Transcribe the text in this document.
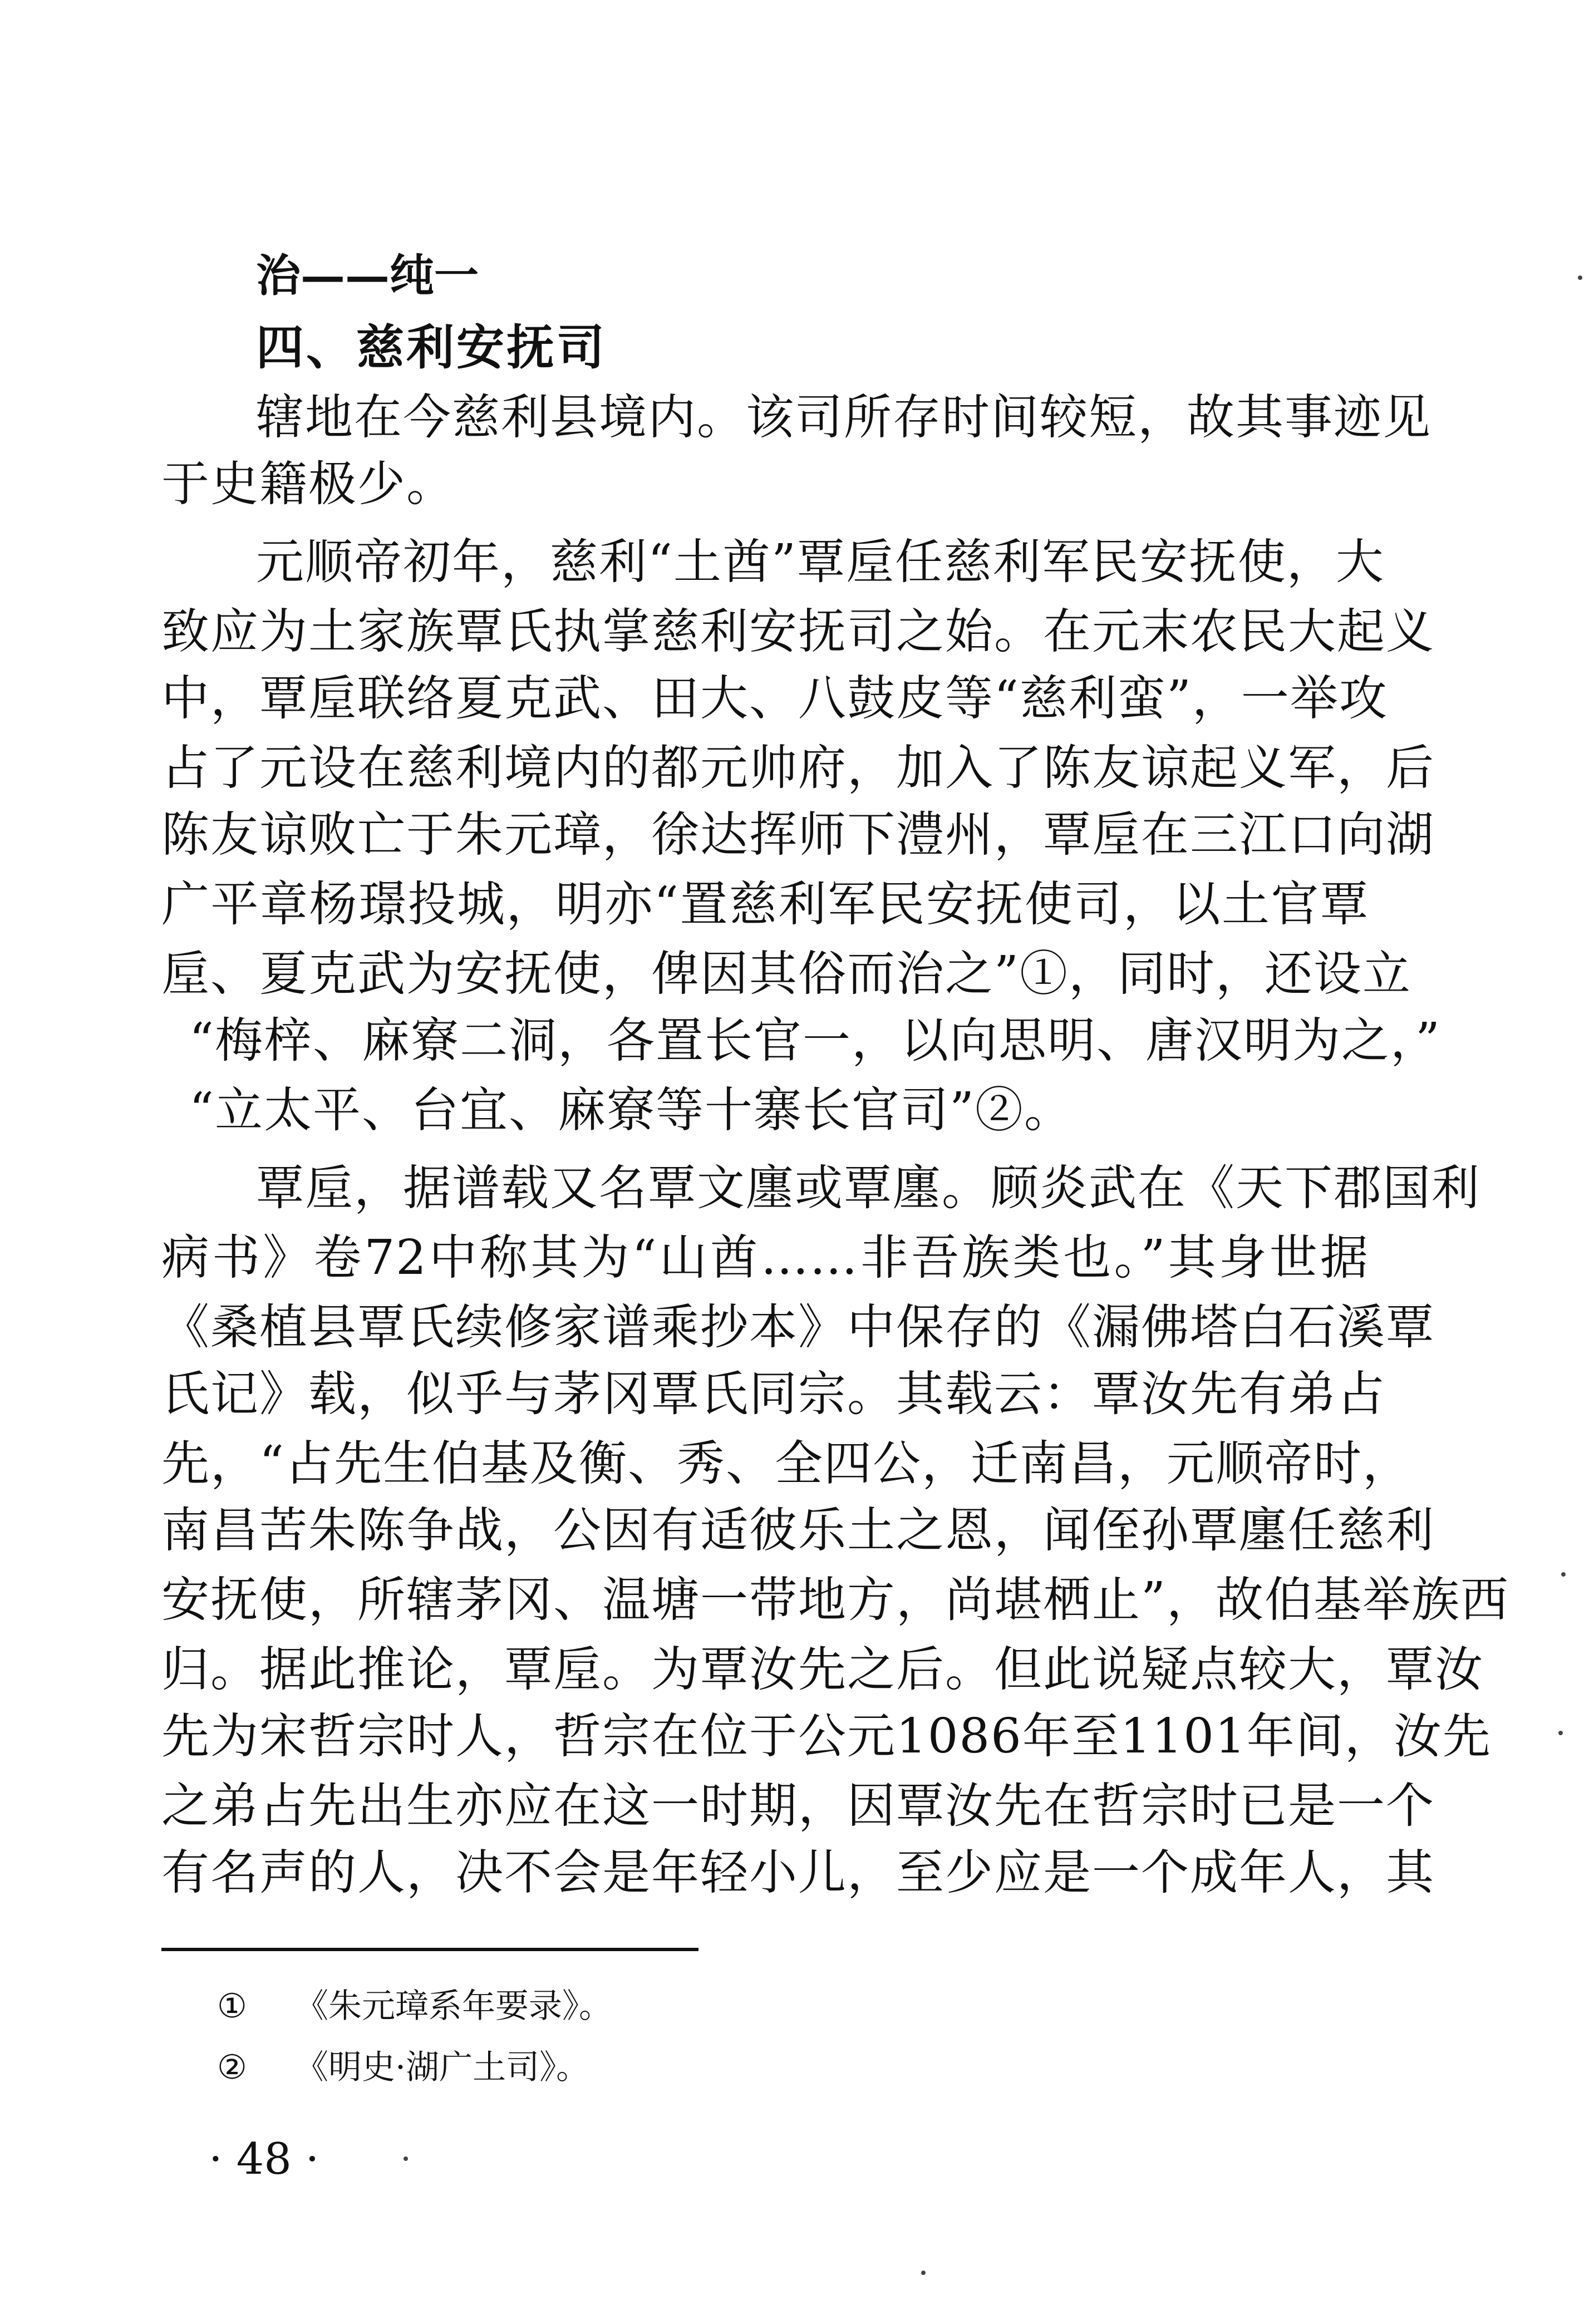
治——纯一
四、慈利安抚司
辖地在今慈利县境内。该司所存时间较短，故其事迹见
于史籍极少。
元顺帝初年，慈利“土酋”覃垕任慈利军民安抚使，大
致应为土家族覃氏执掌慈利安抚司之始。在元末农民大起义
中，覃垕联络夏克武、田大、八鼓皮等“慈利蛮”，一举攻
占了元设在慈利境内的都元帅府，加入了陈友谅起义军，后
陈友谅败亡于朱元璋，徐达挥师下澧州，覃垕在三江口向湖
广平章杨璟投城，明亦“置慈利军民安抚使司，以土官覃
垕、夏克武为安抚使，俾因其俗而治之”①，同时，还设立
“梅梓、麻寮二洞，各置长官一，以向思明、唐汉明为之，”
“立太平、台宜、麻寮等十寨长官司”②。
覃垕，据谱载又名覃文廛或覃廛。顾炎武在《天下郡国利
病书》卷72中称其为“山酋……非吾族类也。”其身世据
《桑植县覃氏续修家谱乘抄本》中保存的《漏佛塔白石溪覃
氏记》载，似乎与茅冈覃氏同宗。其载云：覃汝先有弟占
先，“占先生伯基及衡、秀、全四公，迁南昌，元顺帝时，
南昌苦朱陈争战，公因有适彼乐土之恩，闻侄孙覃廛任慈利
安抚使，所辖茅冈、温塘一带地方，尚堪栖止”，故伯基举族西
归。据此推论，覃垕。为覃汝先之后。但此说疑点较大，覃汝
先为宋哲宗时人，哲宗在位于公元1086年至1101年间，汝先
之弟占先出生亦应在这一时期，因覃汝先在哲宗时已是一个
有名声的人，决不会是年轻小儿，至少应是一个成年人，其
① 《朱元璋系年要录》。
② 《明史·湖广土司》。
· 48 ·
